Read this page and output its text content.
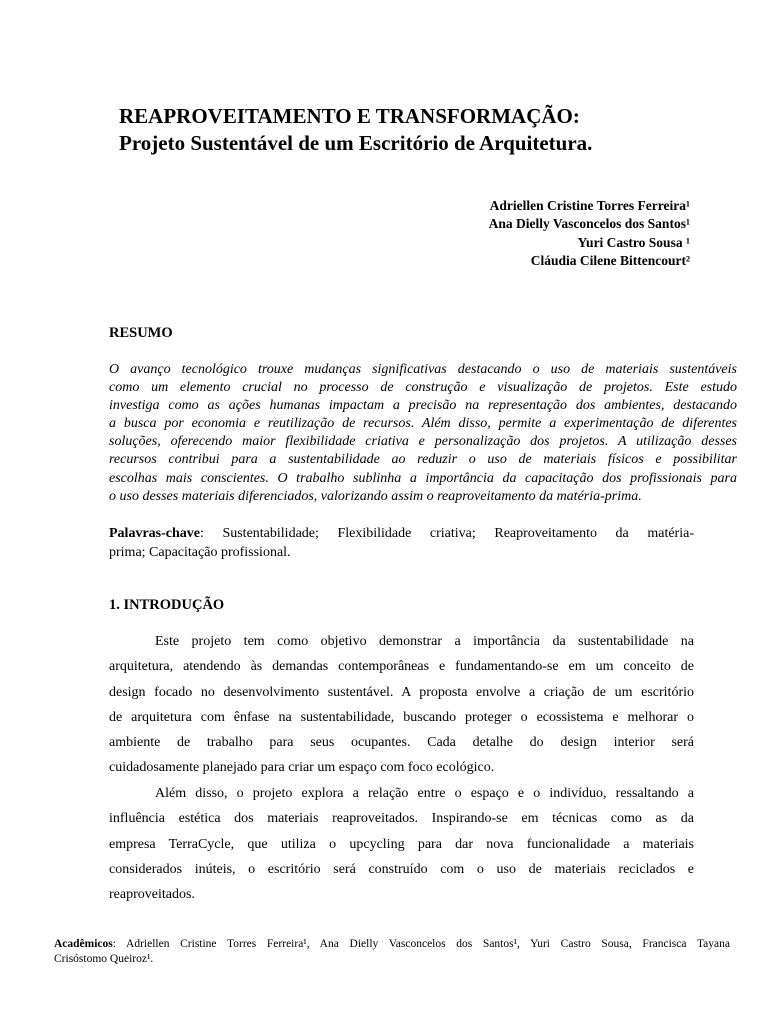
REAPROVEITAMENTO E TRANSFORMAÇÃO:
Projeto Sustentável de um Escritório de Arquitetura.
Adriellen Cristine Torres Ferreira¹
Ana Dielly Vasconcelos dos Santos¹
Yuri Castro Sousa ¹
Cláudia Cilene Bittencourt²
RESUMO

O avanço tecnológico trouxe mudanças significativas destacando o uso de materiais sustentáveis
como um elemento crucial no processo de construção e visualização de projetos. Este estudo
investiga como as ações humanas impactam a precisão na representação dos ambientes, destacando
a busca por economia e reutilização de recursos. Além disso, permite a experimentação de diferentes
soluções, oferecendo maior flexibilidade criativa e personalização dos projetos. A utilização desses
recursos contribui para a sustentabilidade ao reduzir o uso de materiais físicos e possibilitar
escolhas mais conscientes. O trabalho sublinha a importância da capacitação dos profissionais para
o uso desses materiais diferenciados, valorizando assim o reaproveitamento da matéria-prima.

Palavras-chave: Sustentabilidade; Flexibilidade criativa; Reaproveitamento da matéria-
prima; Capacitação profissional.

1. INTRODUÇÃO

Este projeto tem como objetivo demonstrar a importância da sustentabilidade na
arquitetura, atendendo às demandas contemporâneas e fundamentando-se em um conceito de
design focado no desenvolvimento sustentável. A proposta envolve a criação de um escritório
de arquitetura com ênfase na sustentabilidade, buscando proteger o ecossistema e melhorar o
ambiente de trabalho para seus ocupantes. Cada detalhe do design interior será
cuidadosamente planejado para criar um espaço com foco ecológico.

Além disso, o projeto explora a relação entre o espaço e o indivíduo, ressaltando a
influência estética dos materiais reaproveitados. Inspirando-se em técnicas como as da
empresa TerraCycle, que utiliza o upcycling para dar nova funcionalidade a materiais
considerados inúteis, o escritório será construído com o uso de materiais reciclados e
reaproveitados.

Acadêmicos: Adriellen Cristine Torres Ferreira¹, Ana Dielly Vasconcelos dos Santos¹, Yuri Castro Sousa, Francisca Tayana
Crisóstomo Queiroz¹.
